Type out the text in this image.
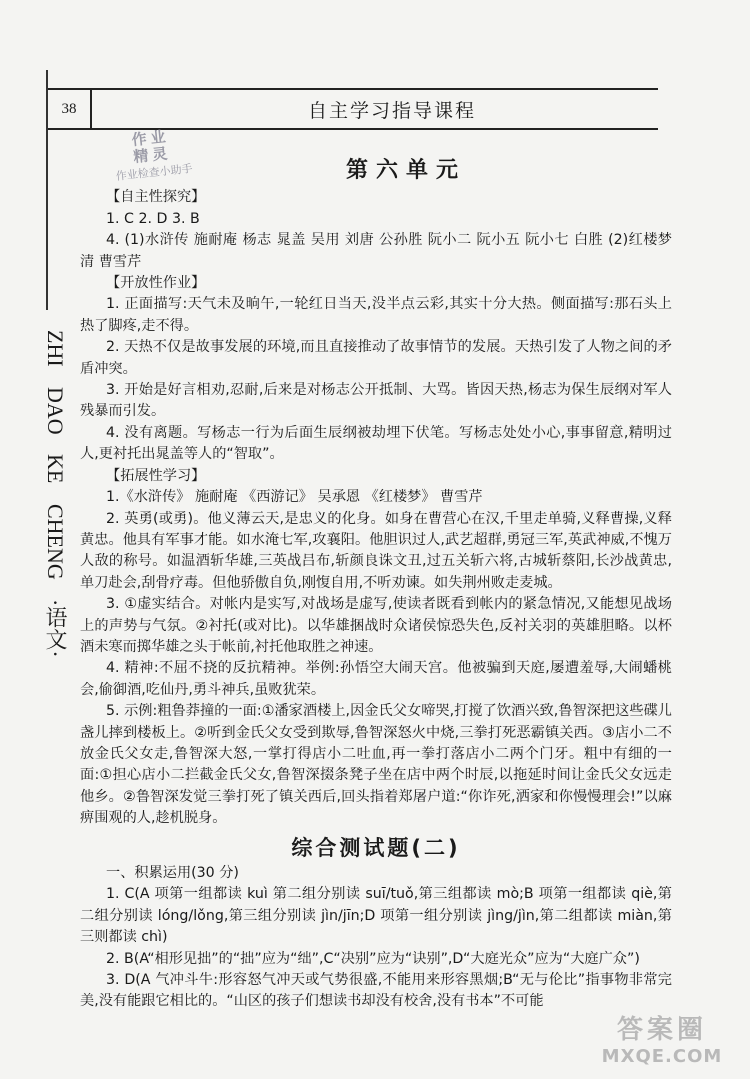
38	自主学习指导课程
作业
精灵
作业检查小助手
ZHI
DAO
KE
CHENG
·语文·
第六单元
【自主性探究】

1. C 2. D 3. B

4. (1)水浒传 施耐庵 杨志 晁盖 吴用 刘唐 公孙胜 阮小二 阮小五 阮小七 白胜 (2)红楼梦 清 曹雪芹

【开放性作业】

1. 正面描写:天气未及晌午,一轮红日当天,没半点云彩,其实十分大热。侧面描写:那石头上热了脚疼,走不得。

2. 天热不仅是故事发展的环境,而且直接推动了故事情节的发展。天热引发了人物之间的矛盾冲突。

3. 开始是好言相劝,忍耐,后来是对杨志公开抵制、大骂。皆因天热,杨志为保生辰纲对军人残暴而引发。

4. 没有离题。写杨志一行为后面生辰纲被劫埋下伏笔。写杨志处处小心,事事留意,精明过人,更衬托出晁盖等人的“智取”。

【拓展性学习】

1.《水浒传》 施耐庵 《西游记》 吴承恩 《红楼梦》 曹雪芹

2. 英勇(或勇)。他义薄云天,是忠义的化身。如身在曹营心在汉,千里走单骑,义释曹操,义释黄忠。他具有军事才能。如水淹七军,攻襄阳。他胆识过人,武艺超群,勇冠三军,英武神威,不愧万人敌的称号。如温酒斩华雄,三英战吕布,斩颜良诛文丑,过五关斩六将,古城斩蔡阳,长沙战黄忠,单刀赴会,刮骨疗毒。但他骄傲自负,刚愎自用,不听劝谏。如失荆州败走麦城。

3. ①虚实结合。对帐内是实写,对战场是虚写,使读者既看到帐内的紧急情况,又能想见战场上的声势与气氛。②衬托(或对比)。以华雄捆战时众诸侯惊恐失色,反衬关羽的英雄胆略。以杯酒未寒而掷华雄之头于帐前,衬托他取胜之神速。

4. 精神:不屈不挠的反抗精神。举例:孙悟空大闹天宫。他被骗到天庭,屡遭羞辱,大闹蟠桃会,偷御酒,吃仙丹,勇斗神兵,虽败犹荣。

5. 示例:粗鲁莽撞的一面:①潘家酒楼上,因金氏父女啼哭,打搅了饮酒兴致,鲁智深把这些碟儿盏儿摔到楼板上。②听到金氏父女受到欺辱,鲁智深怒火中烧,三拳打死恶霸镇关西。③店小二不放金氏父女走,鲁智深大怒,一掌打得店小二吐血,再一拳打落店小二两个门牙。粗中有细的一面:①担心店小二拦截金氏父女,鲁智深掇条凳子坐在店中两个时辰,以拖延时间让金氏父女远走他乡。②鲁智深发觉三拳打死了镇关西后,回头指着郑屠户道:“你诈死,洒家和你慢慢理会!”以麻痹围观的人,趁机脱身。

综合测试题(二)
一、积累运用(30 分)

1. C(A 项第一组都读 kuì 第二组分别读 suī/tuǒ,第三组都读 mò;B 项第一组都读 qiè,第二组分别读 lóng/lǒng,第三组分别读 jìn/jīn;D 项第一组分别读 jìng/jìn,第二组都读 miàn,第三则都读 chì)

2. B(A“相形见拙”的“拙”应为“绌”,C“决别”应为“诀别”,D“大庭光众”应为“大庭广众”)

3. D(A 气冲斗牛:形容怒气冲天或气势很盛,不能用来形容黑烟;B“无与伦比”指事物非常完美,没有能跟它相比的。“山区的孩子们想读书却没有校舍,没有书本”不可能

答案圈
MXQE.COM
